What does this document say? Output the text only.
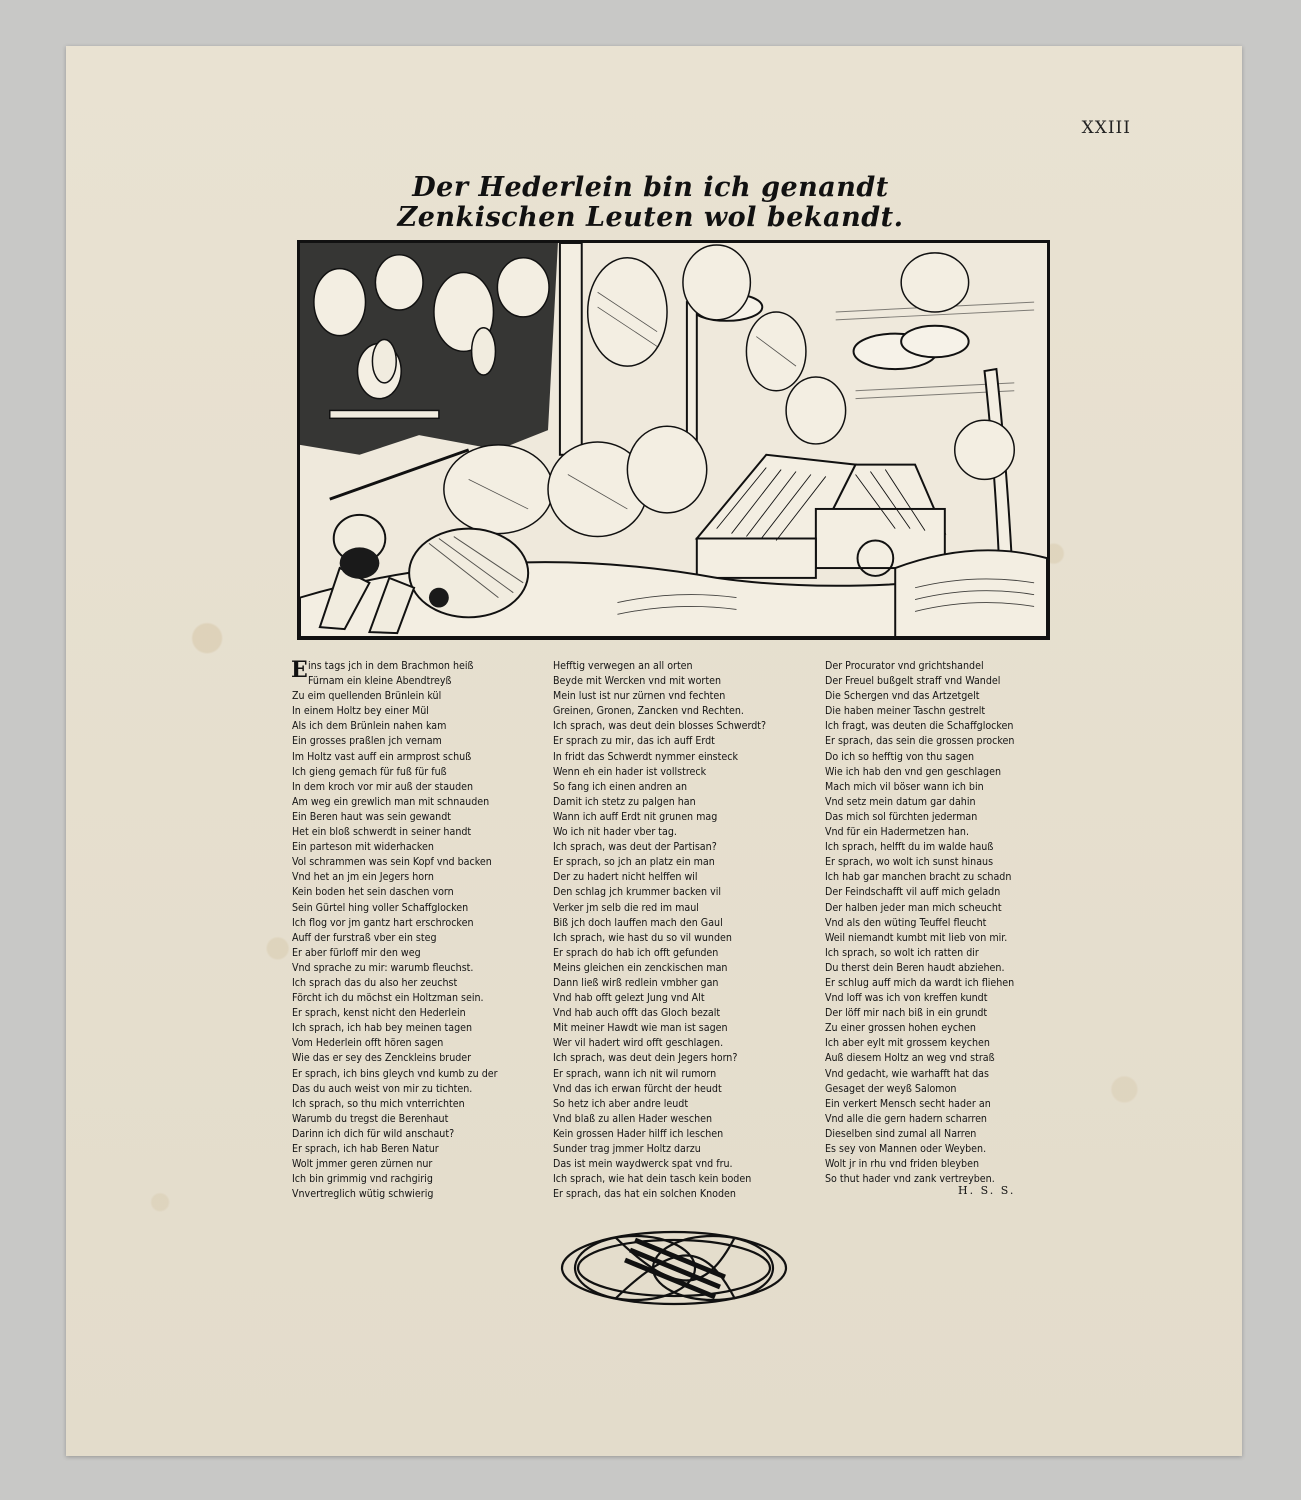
XXIII
Der Hederlein bin ich genandt
Zenkischen Leuten wol bekandt.
E ins tags jch in dem Brachmon heiß
Fürnam ein kleine Abendtreyß
Zu eim quellenden Brünlein kül
In einem Holtz bey einer Mül
Als ich dem Brünlein nahen kam
Ein grosses praßlen jch vernam
Im Holtz vast auff ein armprost schuß
Ich gieng gemach für fuß für fuß
In dem kroch vor mir auß der stauden
Am weg ein grewlich man mit schnauden
Ein Beren haut was sein gewandt
Het ein bloß schwerdt in seiner handt
Ein parteson mit widerhacken
Vol schrammen was sein Kopf vnd backen
Vnd het an jm ein Jegers horn
Kein boden het sein daschen vorn
Sein Gürtel hing voller Schaffglocken
Ich flog vor jm gantz hart erschrocken
Auff der furstraß vber ein steg
Er aber fürloff mir den weg
Vnd sprache zu mir: warumb fleuchst.
Ich sprach das du also her zeuchst
Förcht ich du möchst ein Holtzman sein.
Er sprach, kenst nicht den Hederlein
Ich sprach, ich hab bey meinen tagen
Vom Hederlein offt hören sagen
Wie das er sey des Zenckleins bruder
Er sprach, ich bins gleych vnd kumb zu der
Das du auch weist von mir zu tichten.
Ich sprach, so thu mich vnterrichten
Warumb du tregst die Berenhaut
Darinn ich dich für wild anschaut?
Er sprach, ich hab Beren Natur
Wolt jmmer geren zürnen nur
Ich bin grimmig vnd rachgirig
Vnvertreglich wütig schwierig
Hefftig verwegen an all orten
Beyde mit Wercken vnd mit worten
Mein lust ist nur zürnen vnd fechten
Greinen, Gronen, Zancken vnd Rechten.
Ich sprach, was deut dein blosses Schwerdt?
Er sprach zu mir, das ich auff Erdt
In fridt das Schwerdt nymmer einsteck
Wenn eh ein hader ist vollstreck
So fang ich einen andren an
Damit ich stetz zu palgen han
Wann ich auff Erdt nit grunen mag
Wo ich nit hader vber tag.
Ich sprach, was deut der Partisan?
Er sprach, so jch an platz ein man
Der zu hadert nicht helffen wil
Den schlag jch krummer backen vil
Verker jm selb die red im maul
Biß jch doch lauffen mach den Gaul
Ich sprach, wie hast du so vil wunden
Er sprach do hab ich offt gefunden
Meins gleichen ein zenckischen man
Dann ließ wirß redlein vmbher gan
Vnd hab offt gelezt Jung vnd Alt
Vnd hab auch offt das Gloch bezalt
Mit meiner Hawdt wie man ist sagen
Wer vil hadert wird offt geschlagen.
Ich sprach, was deut dein Jegers horn?
Er sprach, wann ich nit wil rumorn
Vnd das ich erwan fürcht der heudt
So hetz ich aber andre leudt
Vnd blaß zu allen Hader weschen
Kein grossen Hader hilff ich leschen
Sunder trag jmmer Holtz darzu
Das ist mein waydwerck spat vnd fru.
Ich sprach, wie hat dein tasch kein boden
Er sprach, das hat ein solchen Knoden
Der Procurator vnd grichtshandel
Der Freuel bußgelt straff vnd Wandel
Die Schergen vnd das Artzetgelt
Die haben meiner Taschn gestrelt
Ich fragt, was deuten die Schaffglocken
Er sprach, das sein die grossen procken
Do ich so hefftig von thu sagen
Wie ich hab den vnd gen geschlagen
Mach mich vil böser wann ich bin
Vnd setz mein datum gar dahin
Das mich sol fürchten jederman
Vnd für ein Hadermetzen han.
Ich sprach, helfft du im walde hauß
Er sprach, wo wolt ich sunst hinaus
Ich hab gar manchen bracht zu schadn
Der Feindschafft vil auff mich geladn
Der halben jeder man mich scheucht
Vnd als den wüting Teuffel fleucht
Weil niemandt kumbt mit lieb von mir.
Ich sprach, so wolt ich ratten dir
Du therst dein Beren haudt abziehen.
Er schlug auff mich da wardt ich fliehen
Vnd loff was ich von kreffen kundt
Der löff mir nach biß in ein grundt
Zu einer grossen hohen eychen
Ich aber eylt mit grossem keychen
Auß diesem Holtz an weg vnd straß
Vnd gedacht, wie warhafft hat das
Gesaget der weyß Salomon
Ein verkert Mensch secht hader an
Vnd alle die gern hadern scharren
Dieselben sind zumal all Narren
Es sey von Mannen oder Weyben.
Wolt jr in rhu vnd friden bleyben
So thut hader vnd zank vertreyben.
H. S. S.
